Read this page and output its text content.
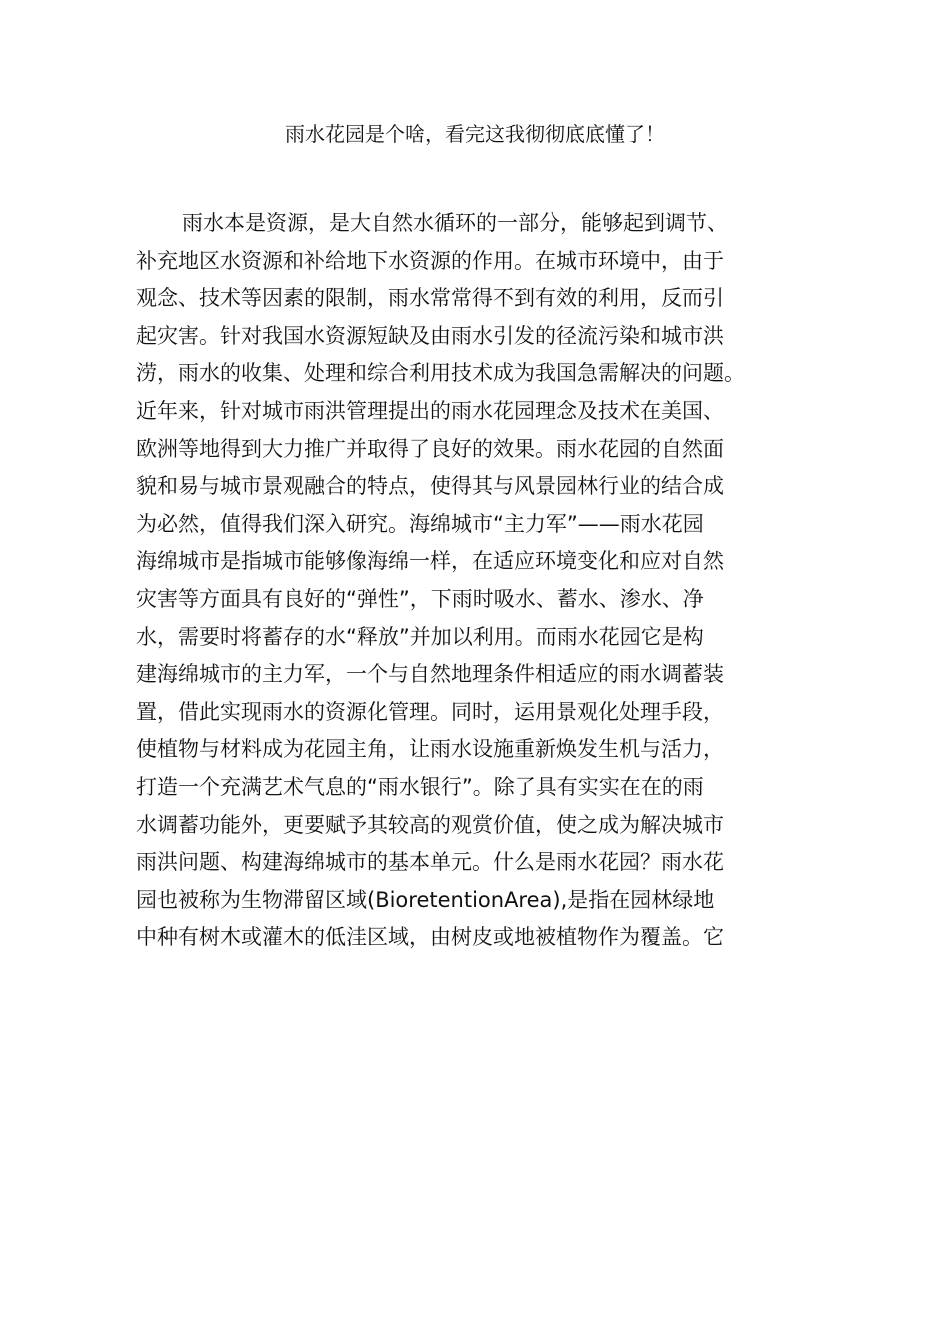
雨水花园是个啥，看完这我彻彻底底懂了！
雨水本是资源，是大自然水循环的一部分，能够起到调节、
补充地区水资源和补给地下水资源的作用。在城市环境中，由于
观念、技术等因素的限制，雨水常常得不到有效的利用，反而引
起灾害。针对我国水资源短缺及由雨水引发的径流污染和城市洪
涝，雨水的收集、处理和综合利用技术成为我国急需解决的问题。
近年来，针对城市雨洪管理提出的雨水花园理念及技术在美国、
欧洲等地得到大力推广并取得了良好的效果。雨水花园的自然面
貌和易与城市景观融合的特点，使得其与风景园林行业的结合成
为必然，值得我们深入研究。海绵城市“主力军”——雨水花园
海绵城市是指城市能够像海绵一样，在适应环境变化和应对自然
灾害等方面具有良好的“弹性”，下雨时吸水、蓄水、渗水、净
水，需要时将蓄存的水“释放”并加以利用。而雨水花园它是构
建海绵城市的主力军，一个与自然地理条件相适应的雨水调蓄装
置，借此实现雨水的资源化管理。同时，运用景观化处理手段，
使植物与材料成为花园主角，让雨水设施重新焕发生机与活力，
打造一个充满艺术气息的“雨水银行”。除了具有实实在在的雨
水调蓄功能外，更要赋予其较高的观赏价值，使之成为解决城市
雨洪问题、构建海绵城市的基本单元。什么是雨水花园？雨水花
园也被称为生物滞留区域(BioretentionArea),是指在园林绿地
中种有树木或灌木的低洼区域，由树皮或地被植物作为覆盖。它
